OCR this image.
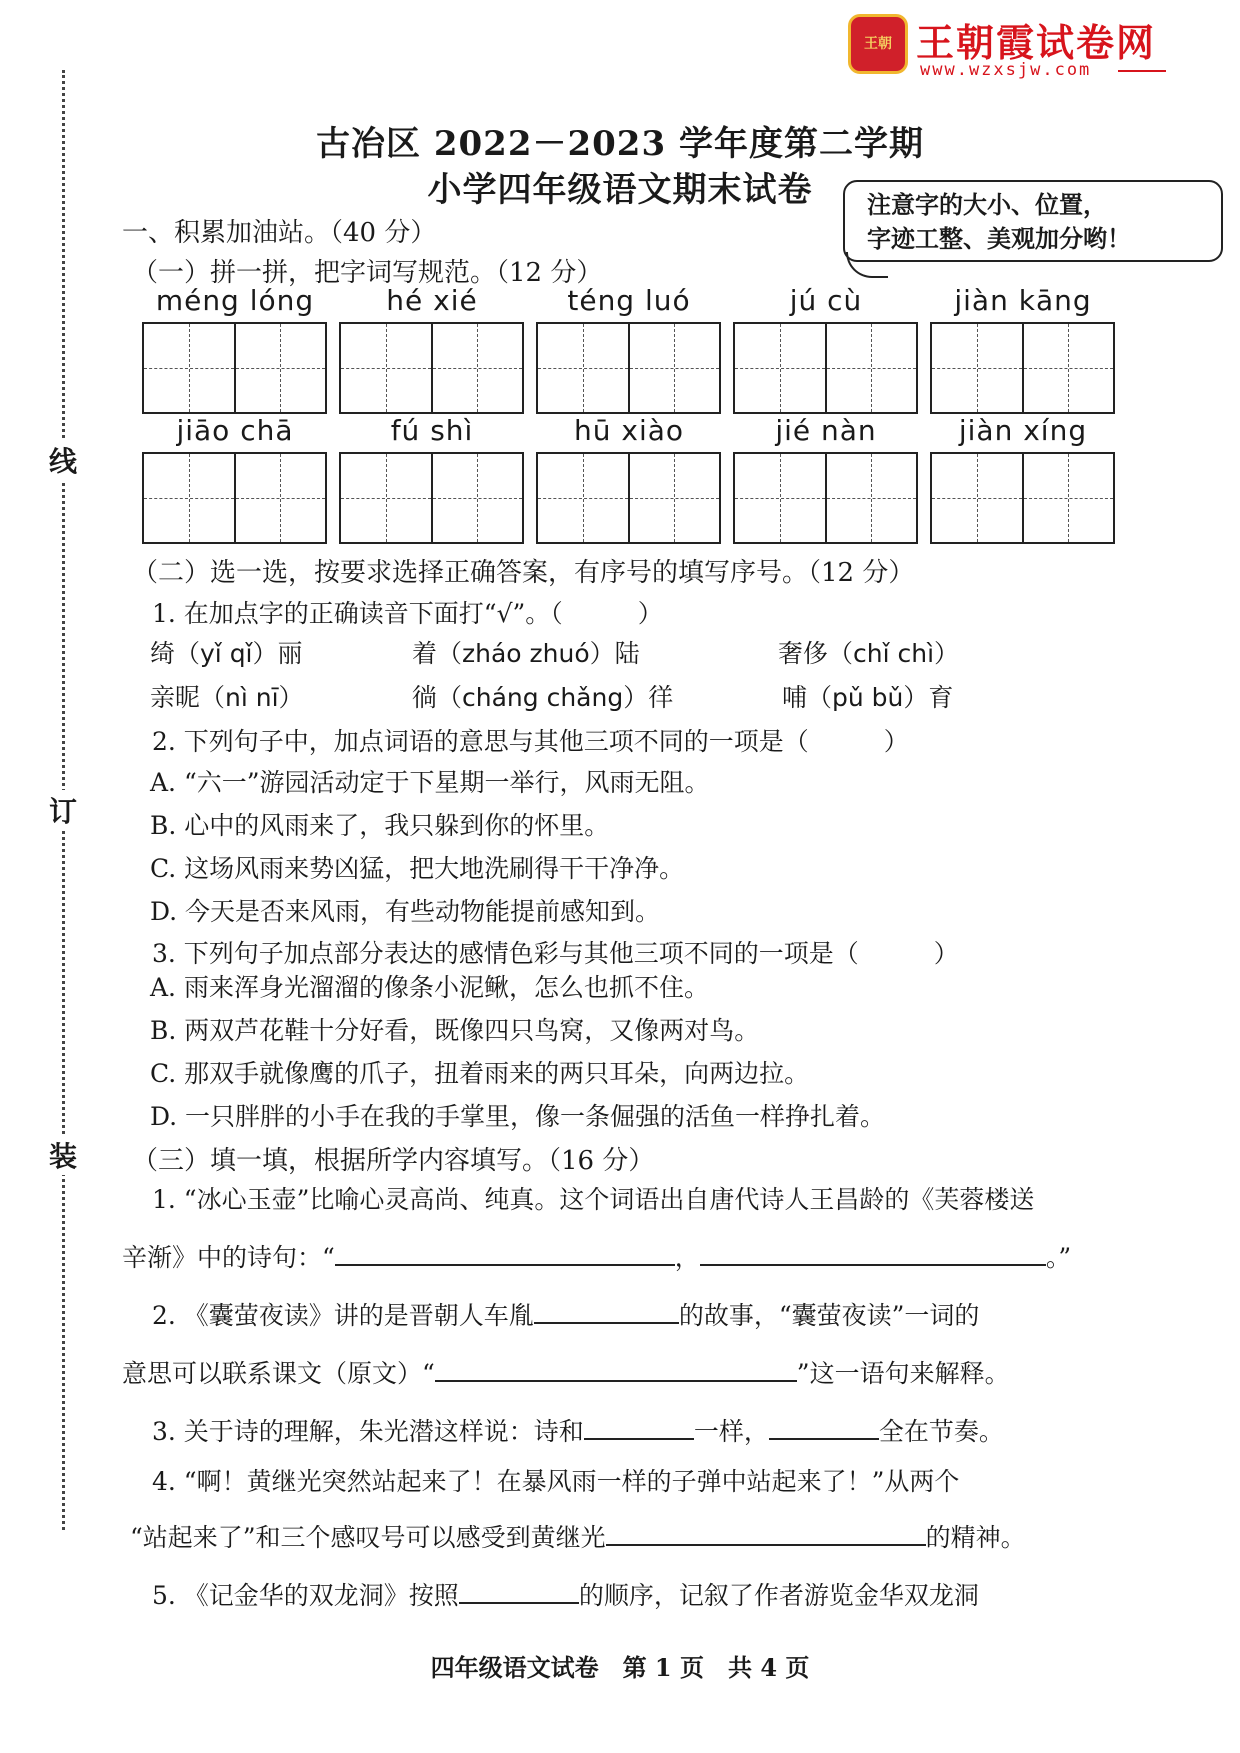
王朝 王朝霞试卷网
www.wzxsjw.com
线
订
装
古冶区 2022－2023 学年度第二学期
小学四年级语文期末试卷	注意字的大小、位置，
字迹工整、美观加分哟！
一、积累加油站。（40 分）
（一）拼一拼，把字词写规范。（12 分）
méng lóng	hé xié	téng luó	jú cù	jiàn kāng
jiāo chā	fú shì	hū xiào	jié nàn	jiàn xíng
（二）选一选，按要求选择正确答案，有序号的填写序号。（12 分）
1. 在加点字的正确读音下面打“√”。（　　　）
绮（yǐ qǐ）丽	着（zháo zhuó）陆	奢侈（chǐ chì）
亲昵（nì nī）	徜（cháng chǎng）徉	哺（pǔ bǔ）育
2. 下列句子中，加点词语的意思与其他三项不同的一项是（　　　）
A. “六一”游园活动定于下星期一举行，风雨无阻。
B. 心中的风雨来了，我只躲到你的怀里。
C. 这场风雨来势凶猛，把大地洗刷得干干净净。
D. 今天是否来风雨，有些动物能提前感知到。
3. 下列句子加点部分表达的感情色彩与其他三项不同的一项是（　　　）
A. 雨来浑身光溜溜的像条小泥鳅，怎么也抓不住。
B. 两双芦花鞋十分好看，既像四只鸟窝，又像两对鸟。
C. 那双手就像鹰的爪子，扭着雨来的两只耳朵，向两边拉。
D. 一只胖胖的小手在我的手掌里，像一条倔强的活鱼一样挣扎着。
（三）填一填，根据所学内容填写。（16 分）
1. “冰心玉壶”比喻心灵高尚、纯真。这个词语出自唐代诗人王昌龄的《芙蓉楼送
辛渐》中的诗句：“	，	。”
2. 《囊萤夜读》讲的是晋朝人车胤	的故事，“囊萤夜读”一词的
意思可以联系课文（原文）“	”这一语句来解释。
3. 关于诗的理解，朱光潜这样说：诗和	一样，	全在节奏。
4. “啊！黄继光突然站起来了！在暴风雨一样的子弹中站起来了！”从两个
“站起来了”和三个感叹号可以感受到黄继光	的精神。
5. 《记金华的双龙洞》按照	的顺序，记叙了作者游览金华双龙洞
四年级语文试卷　第 1 页　共 4 页
